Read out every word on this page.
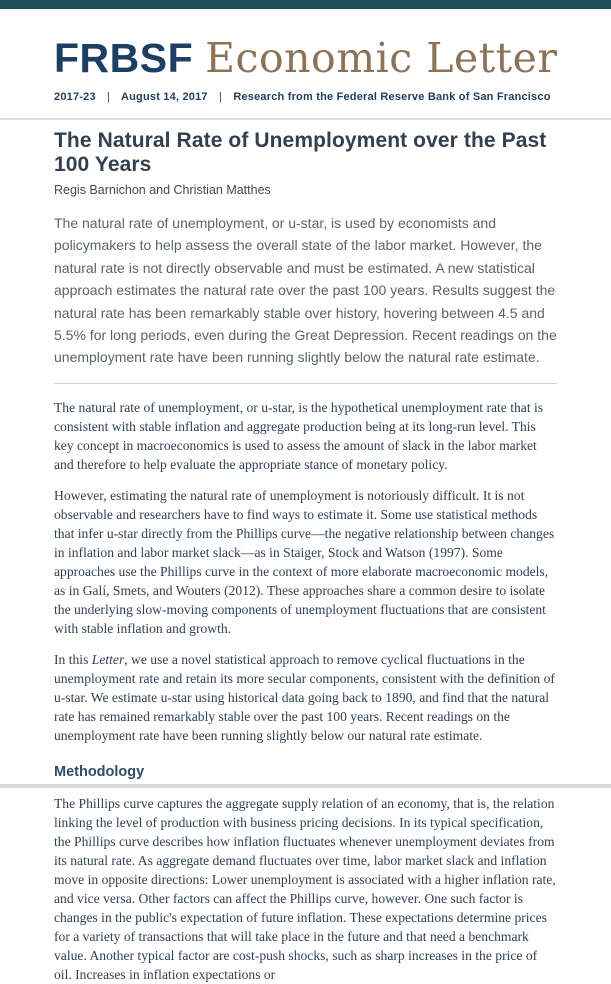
FRBSF Economic Letter
2017-23 | August 14, 2017 | Research from the Federal Reserve Bank of San Francisco
The Natural Rate of Unemployment over the Past 100 Years
Regis Barnichon and Christian Matthes
The natural rate of unemployment, or u-star, is used by economists and policymakers to help assess the overall state of the labor market. However, the natural rate is not directly observable and must be estimated. A new statistical approach estimates the natural rate over the past 100 years. Results suggest the natural rate has been remarkably stable over history, hovering between 4.5 and 5.5% for long periods, even during the Great Depression. Recent readings on the unemployment rate have been running slightly below the natural rate estimate.

The natural rate of unemployment, or u-star, is the hypothetical unemployment rate that is consistent with stable inflation and aggregate production being at its long-run level. This key concept in macroeconomics is used to assess the amount of slack in the labor market and therefore to help evaluate the appropriate stance of monetary policy.

However, estimating the natural rate of unemployment is notoriously difficult. It is not observable and researchers have to find ways to estimate it. Some use statistical methods that infer u-star directly from the Phillips curve—the negative relationship between changes in inflation and labor market slack—as in Staiger, Stock and Watson (1997). Some approaches use the Phillips curve in the context of more elaborate macroeconomic models, as in Galí, Smets, and Wouters (2012). These approaches share a common desire to isolate the underlying slow-moving components of unemployment fluctuations that are consistent with stable inflation and growth.

In this Letter, we use a novel statistical approach to remove cyclical fluctuations in the unemployment rate and retain its more secular components, consistent with the definition of u-star. We estimate u-star using historical data going back to 1890, and find that the natural rate has remained remarkably stable over the past 100 years. Recent readings on the unemployment rate have been running slightly below our natural rate estimate.

Methodology

The Phillips curve captures the aggregate supply relation of an economy, that is, the relation linking the level of production with business pricing decisions. In its typical specification, the Phillips curve describes how inflation fluctuates whenever unemployment deviates from its natural rate. As aggregate demand fluctuates over time, labor market slack and inflation move in opposite directions: Lower unemployment is associated with a higher inflation rate, and vice versa. Other factors can affect the Phillips curve, however. One such factor is changes in the public's expectation of future inflation. These expectations determine prices for a variety of transactions that will take place in the future and that need a benchmark value. Another typical factor are cost-push shocks, such as sharp increases in the price of oil. Increases in inflation expectations or
